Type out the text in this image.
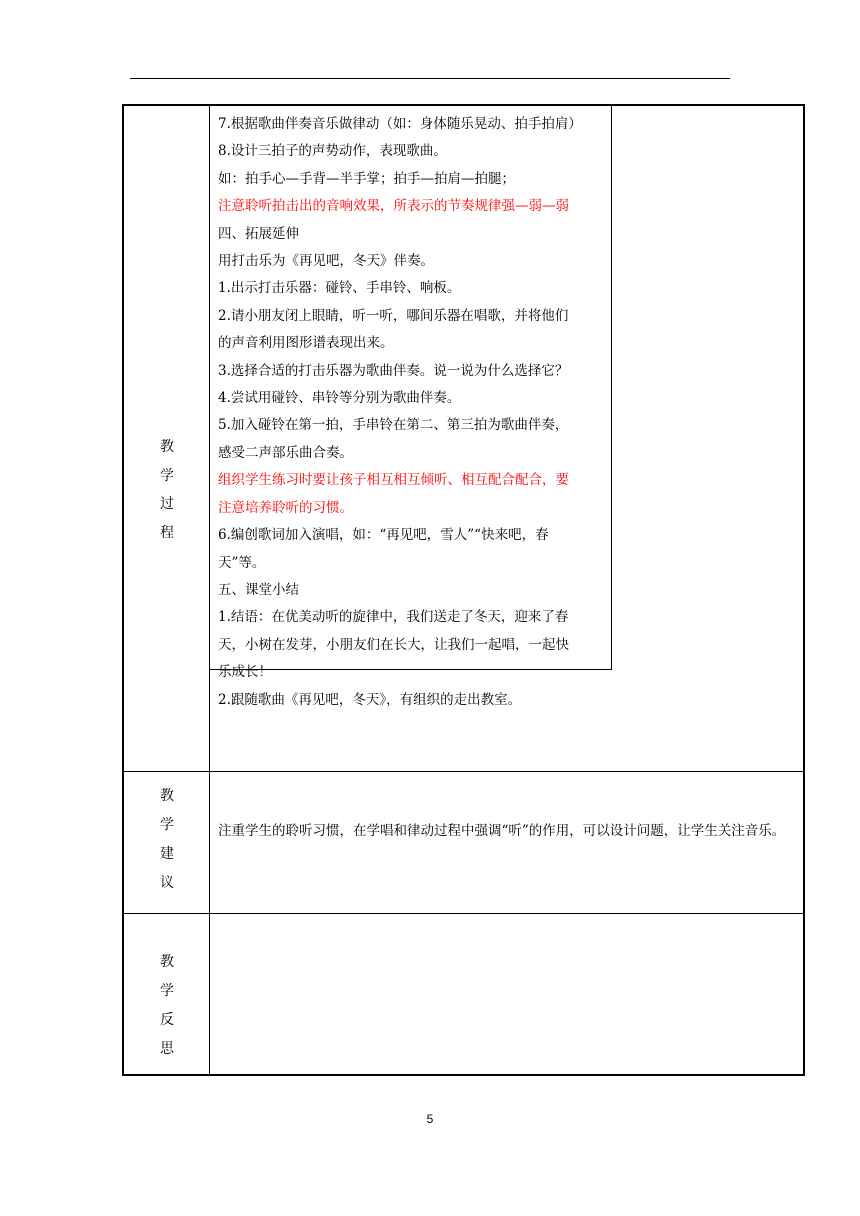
教
学
过
程
7.根据歌曲伴奏音乐做律动（如：身体随乐晃动、拍手拍肩）
8.设计三拍子的声势动作，表现歌曲。
如：拍手心—手背—半手掌；拍手—拍肩—拍腿；
注意聆听拍击出的音响效果，所表示的节奏规律强—弱—弱
四、拓展延伸
用打击乐为《再见吧，冬天》伴奏。
1.出示打击乐器：碰铃、手串铃、响板。
2.请小朋友闭上眼睛，听一听，哪间乐器在唱歌，并将他们
的声音利用图形谱表现出来。
3.选择合适的打击乐器为歌曲伴奏。说一说为什么选择它？
4.尝试用碰铃、串铃等分别为歌曲伴奏。
5.加入碰铃在第一拍，手串铃在第二、第三拍为歌曲伴奏，
感受二声部乐曲合奏。
组织学生练习时要让孩子相互相互倾听、相互配合配合，要
注意培养聆听的习惯。
6.编创歌词加入演唱，如：“再见吧，雪人”“快来吧，春
天”等。
五、课堂小结
1.结语：在优美动听的旋律中，我们送走了冬天，迎来了春
天，小树在发芽，小朋友们在长大，让我们一起唱，一起快
乐成长！
2.跟随歌曲《再见吧，冬天》，有组织的走出教室。
教
学
建
议
注重学生的聆听习惯，在学唱和律动过程中强调“听”的作用，可以设计问题，让学生关注音乐。
教
学
反
思
5
